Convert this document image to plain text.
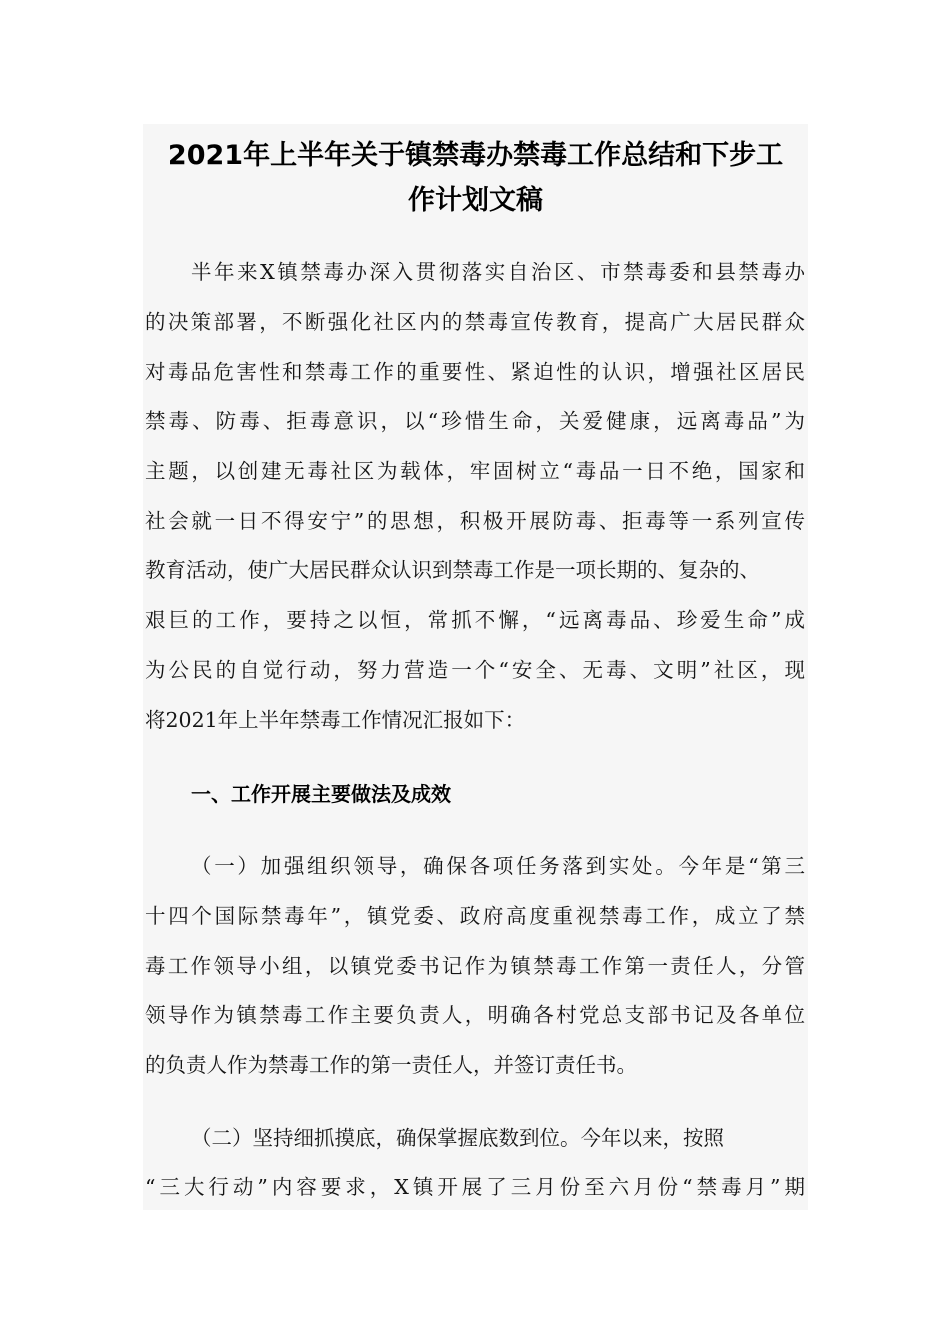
2021年上半年关于镇禁毒办禁毒工作总结和下步工
作计划文稿
半年来X镇禁毒办深入贯彻落实自治区、市禁毒委和县禁毒办
的决策部署，不断强化社区内的禁毒宣传教育，提高广大居民群众
对毒品危害性和禁毒工作的重要性、紧迫性的认识，增强社区居民
禁毒、防毒、拒毒意识，以“珍惜生命，关爱健康，远离毒品”为
主题，以创建无毒社区为载体，牢固树立“毒品一日不绝，国家和
社会就一日不得安宁”的思想，积极开展防毒、拒毒等一系列宣传
教育活动，使广大居民群众认识到禁毒工作是一项长期的、复杂的、
艰巨的工作，要持之以恒，常抓不懈，“远离毒品、珍爱生命”成
为公民的自觉行动，努力营造一个“安全、无毒、文明”社区，现
将2021年上半年禁毒工作情况汇报如下：
一、工作开展主要做法及成效
（一）加强组织领导，确保各项任务落到实处。今年是“第三
十四个国际禁毒年”，镇党委、政府高度重视禁毒工作，成立了禁
毒工作领导小组，以镇党委书记作为镇禁毒工作第一责任人，分管
领导作为镇禁毒工作主要负责人，明确各村党总支部书记及各单位
的负责人作为禁毒工作的第一责任人，并签订责任书。
（二）坚持细抓摸底，确保掌握底数到位。今年以来，按照
“三大行动”内容要求，X镇开展了三月份至六月份“禁毒月”期
